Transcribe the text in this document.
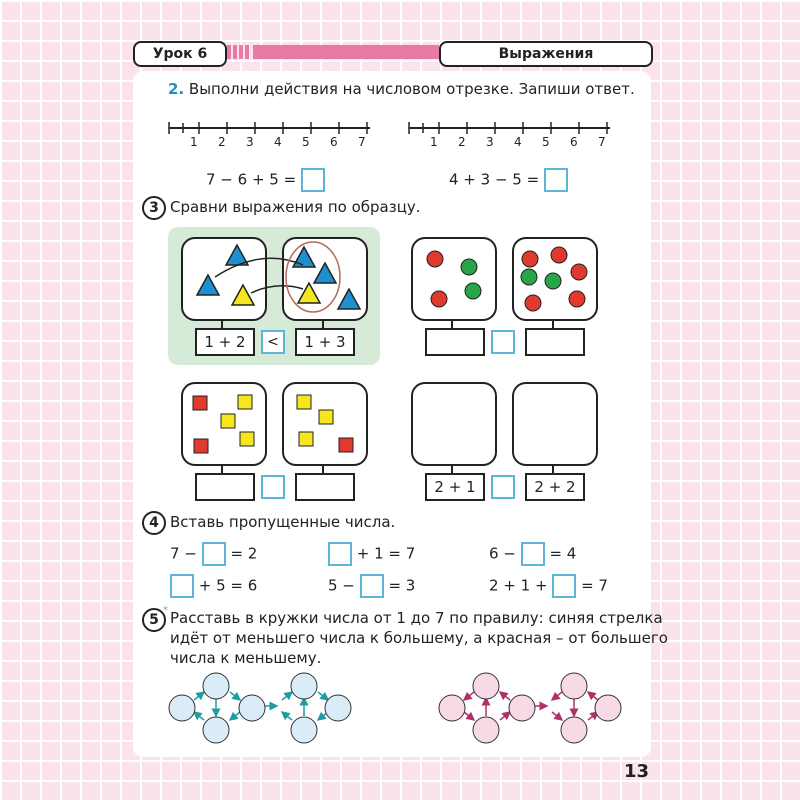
Урок 6	Выражения
2. Выполни действия на числовом отрезке. Запиши ответ.
1 2 3 4 5 6 7	1 2 3 4 5 6 7
7 − 6 + 5 =	4 + 3 − 5 =
3 Сравни выражения по образцу.
1 + 2	<	1 + 3
2 + 1	2 + 2
4 Вставь пропущенные числа.
7 − = 2	+ 1 = 7	6 − = 4
+ 5 = 6	5 − = 3	2 + 1 + = 7
5
* Расставь в кружки числа от 1 до 7 по правилу: синяя стрелка
идёт от меньшего числа к большему, а красная – от большего
числа к меньшему.
13
